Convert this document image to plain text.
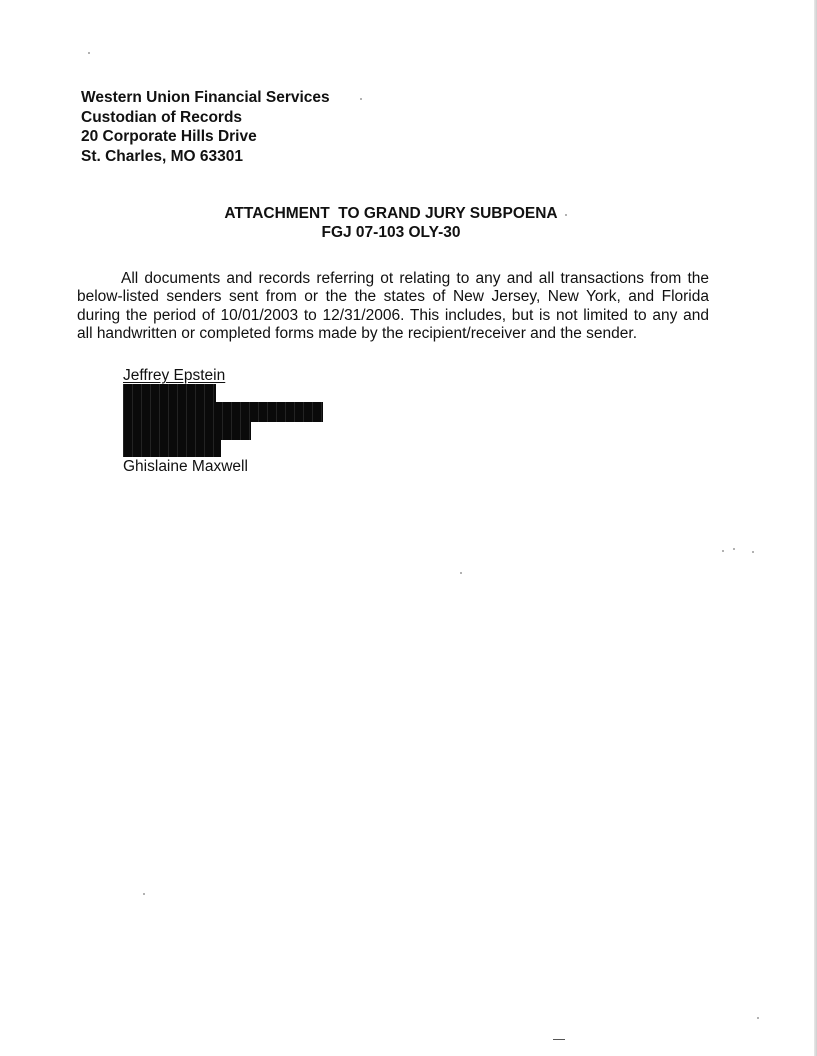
Western Union Financial Services
Custodian of Records
20 Corporate Hills Drive
St. Charles, MO 63301
ATTACHMENT  TO GRAND JURY SUBPOENA
FGJ 07-103 OLY-30
All documents and records referring ot relating to any and all transactions from the
below-listed senders sent from or the the states of New Jersey, New York, and Florida
during the period of 10/01/2003 to 12/31/2006. This includes, but is not limited to any and
all handwritten or completed forms made by the recipient/receiver and the sender.
Jeffrey Epstein
Ghislaine Maxwell
